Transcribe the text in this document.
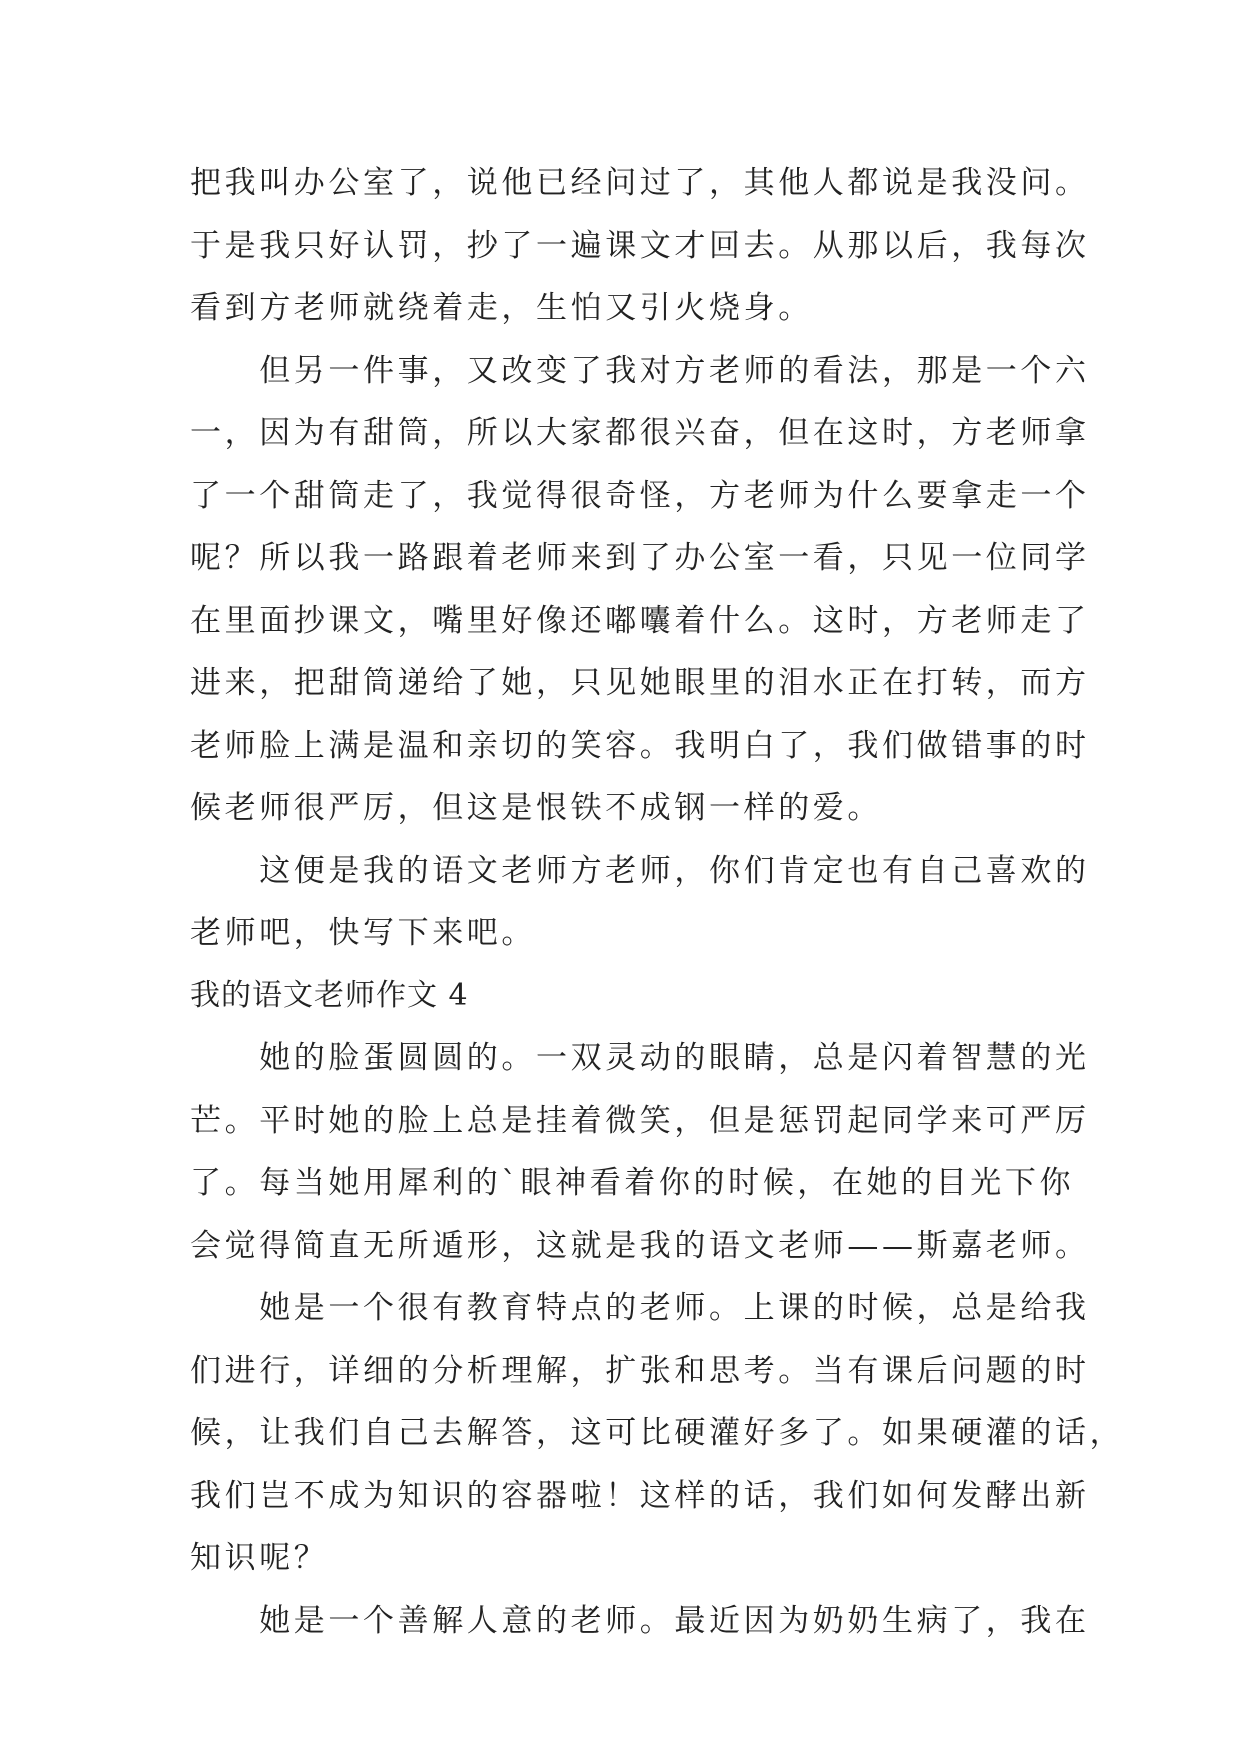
把我叫办公室了，说他已经问过了，其他人都说是我没问。
于是我只好认罚，抄了一遍课文才回去。从那以后，我每次
看到方老师就绕着走，生怕又引火烧身。
　　但另一件事，又改变了我对方老师的看法，那是一个六
一，因为有甜筒，所以大家都很兴奋，但在这时，方老师拿
了一个甜筒走了，我觉得很奇怪，方老师为什么要拿走一个
呢？所以我一路跟着老师来到了办公室一看，只见一位同学
在里面抄课文，嘴里好像还嘟囔着什么。这时，方老师走了
进来，把甜筒递给了她，只见她眼里的泪水正在打转，而方
老师脸上满是温和亲切的笑容。我明白了，我们做错事的时
候老师很严厉，但这是恨铁不成钢一样的爱。
　　这便是我的语文老师方老师，你们肯定也有自己喜欢的
老师吧，快写下来吧。
我的语文老师作文 4
　　她的脸蛋圆圆的。一双灵动的眼睛，总是闪着智慧的光
芒。平时她的脸上总是挂着微笑，但是惩罚起同学来可严厉
了。每当她用犀利的`眼神看着你的时候，在她的目光下你
会觉得简直无所遁形，这就是我的语文老师——斯嘉老师。
　　她是一个很有教育特点的老师。上课的时候，总是给我
们进行，详细的分析理解，扩张和思考。当有课后问题的时
候，让我们自己去解答，这可比硬灌好多了。如果硬灌的话，
我们岂不成为知识的容器啦！这样的话，我们如何发酵出新
知识呢？
　　她是一个善解人意的老师。最近因为奶奶生病了，我在
